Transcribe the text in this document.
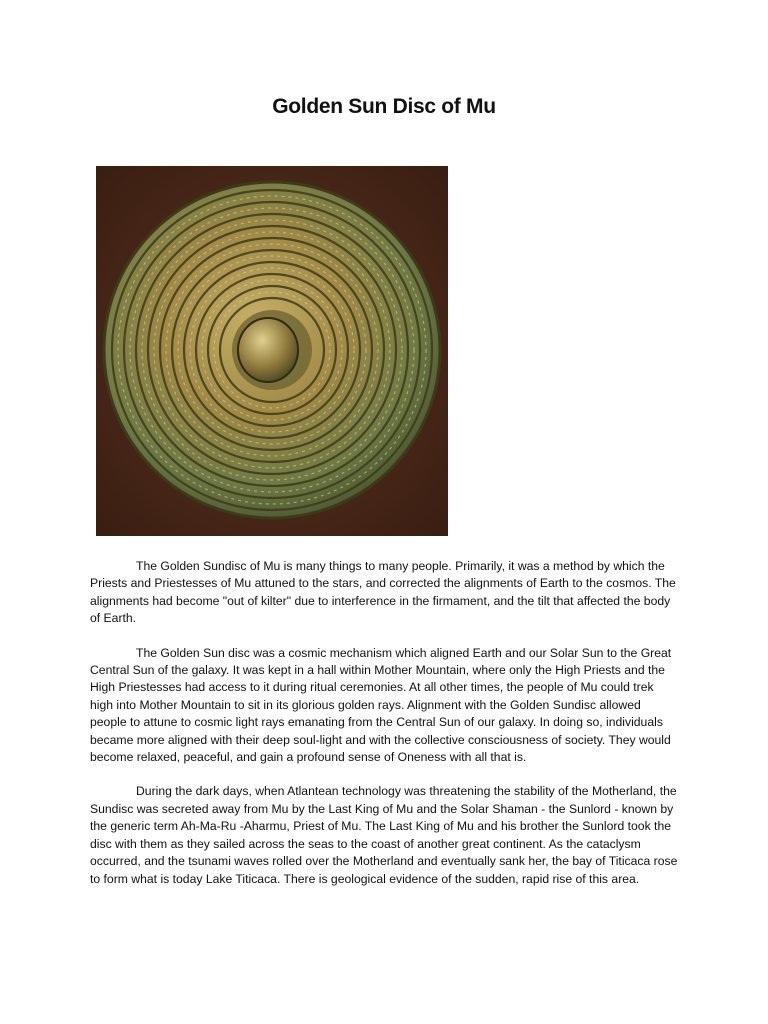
Golden Sun Disc of Mu

The Golden Sundisc of Mu is many things to many people. Primarily, it was a method by which the Priests and Priestesses of Mu attuned to the stars, and corrected the alignments of Earth to the cosmos. The alignments had become "out of kilter" due to interference in the firmament, and the tilt that affected the body of Earth.

The Golden Sun disc was a cosmic mechanism which aligned Earth and our Solar Sun to the Great Central Sun of the galaxy. It was kept in a hall within Mother Mountain, where only the High Priests and the High Priestesses had access to it during ritual ceremonies. At all other times, the people of Mu could trek high into Mother Mountain to sit in its glorious golden rays. Alignment with the Golden Sundisc allowed people to attune to cosmic light rays emanating from the Central Sun of our galaxy. In doing so, individuals became more aligned with their deep soul-light and with the collective consciousness of society. They would become relaxed, peaceful, and gain a profound sense of Oneness with all that is.

During the dark days, when Atlantean technology was threatening the stability of the Motherland, the Sundisc was secreted away from Mu by the Last King of Mu and the Solar Shaman - the Sunlord - known by the generic term Ah-Ma-Ru -Aharmu, Priest of Mu. The Last King of Mu and his brother the Sunlord took the disc with them as they sailed across the seas to the coast of another great continent. As the cataclysm occurred, and the tsunami waves rolled over the Motherland and eventually sank her, the bay of Titicaca rose to form what is today Lake Titicaca. There is geological evidence of the sudden, rapid rise of this area.
